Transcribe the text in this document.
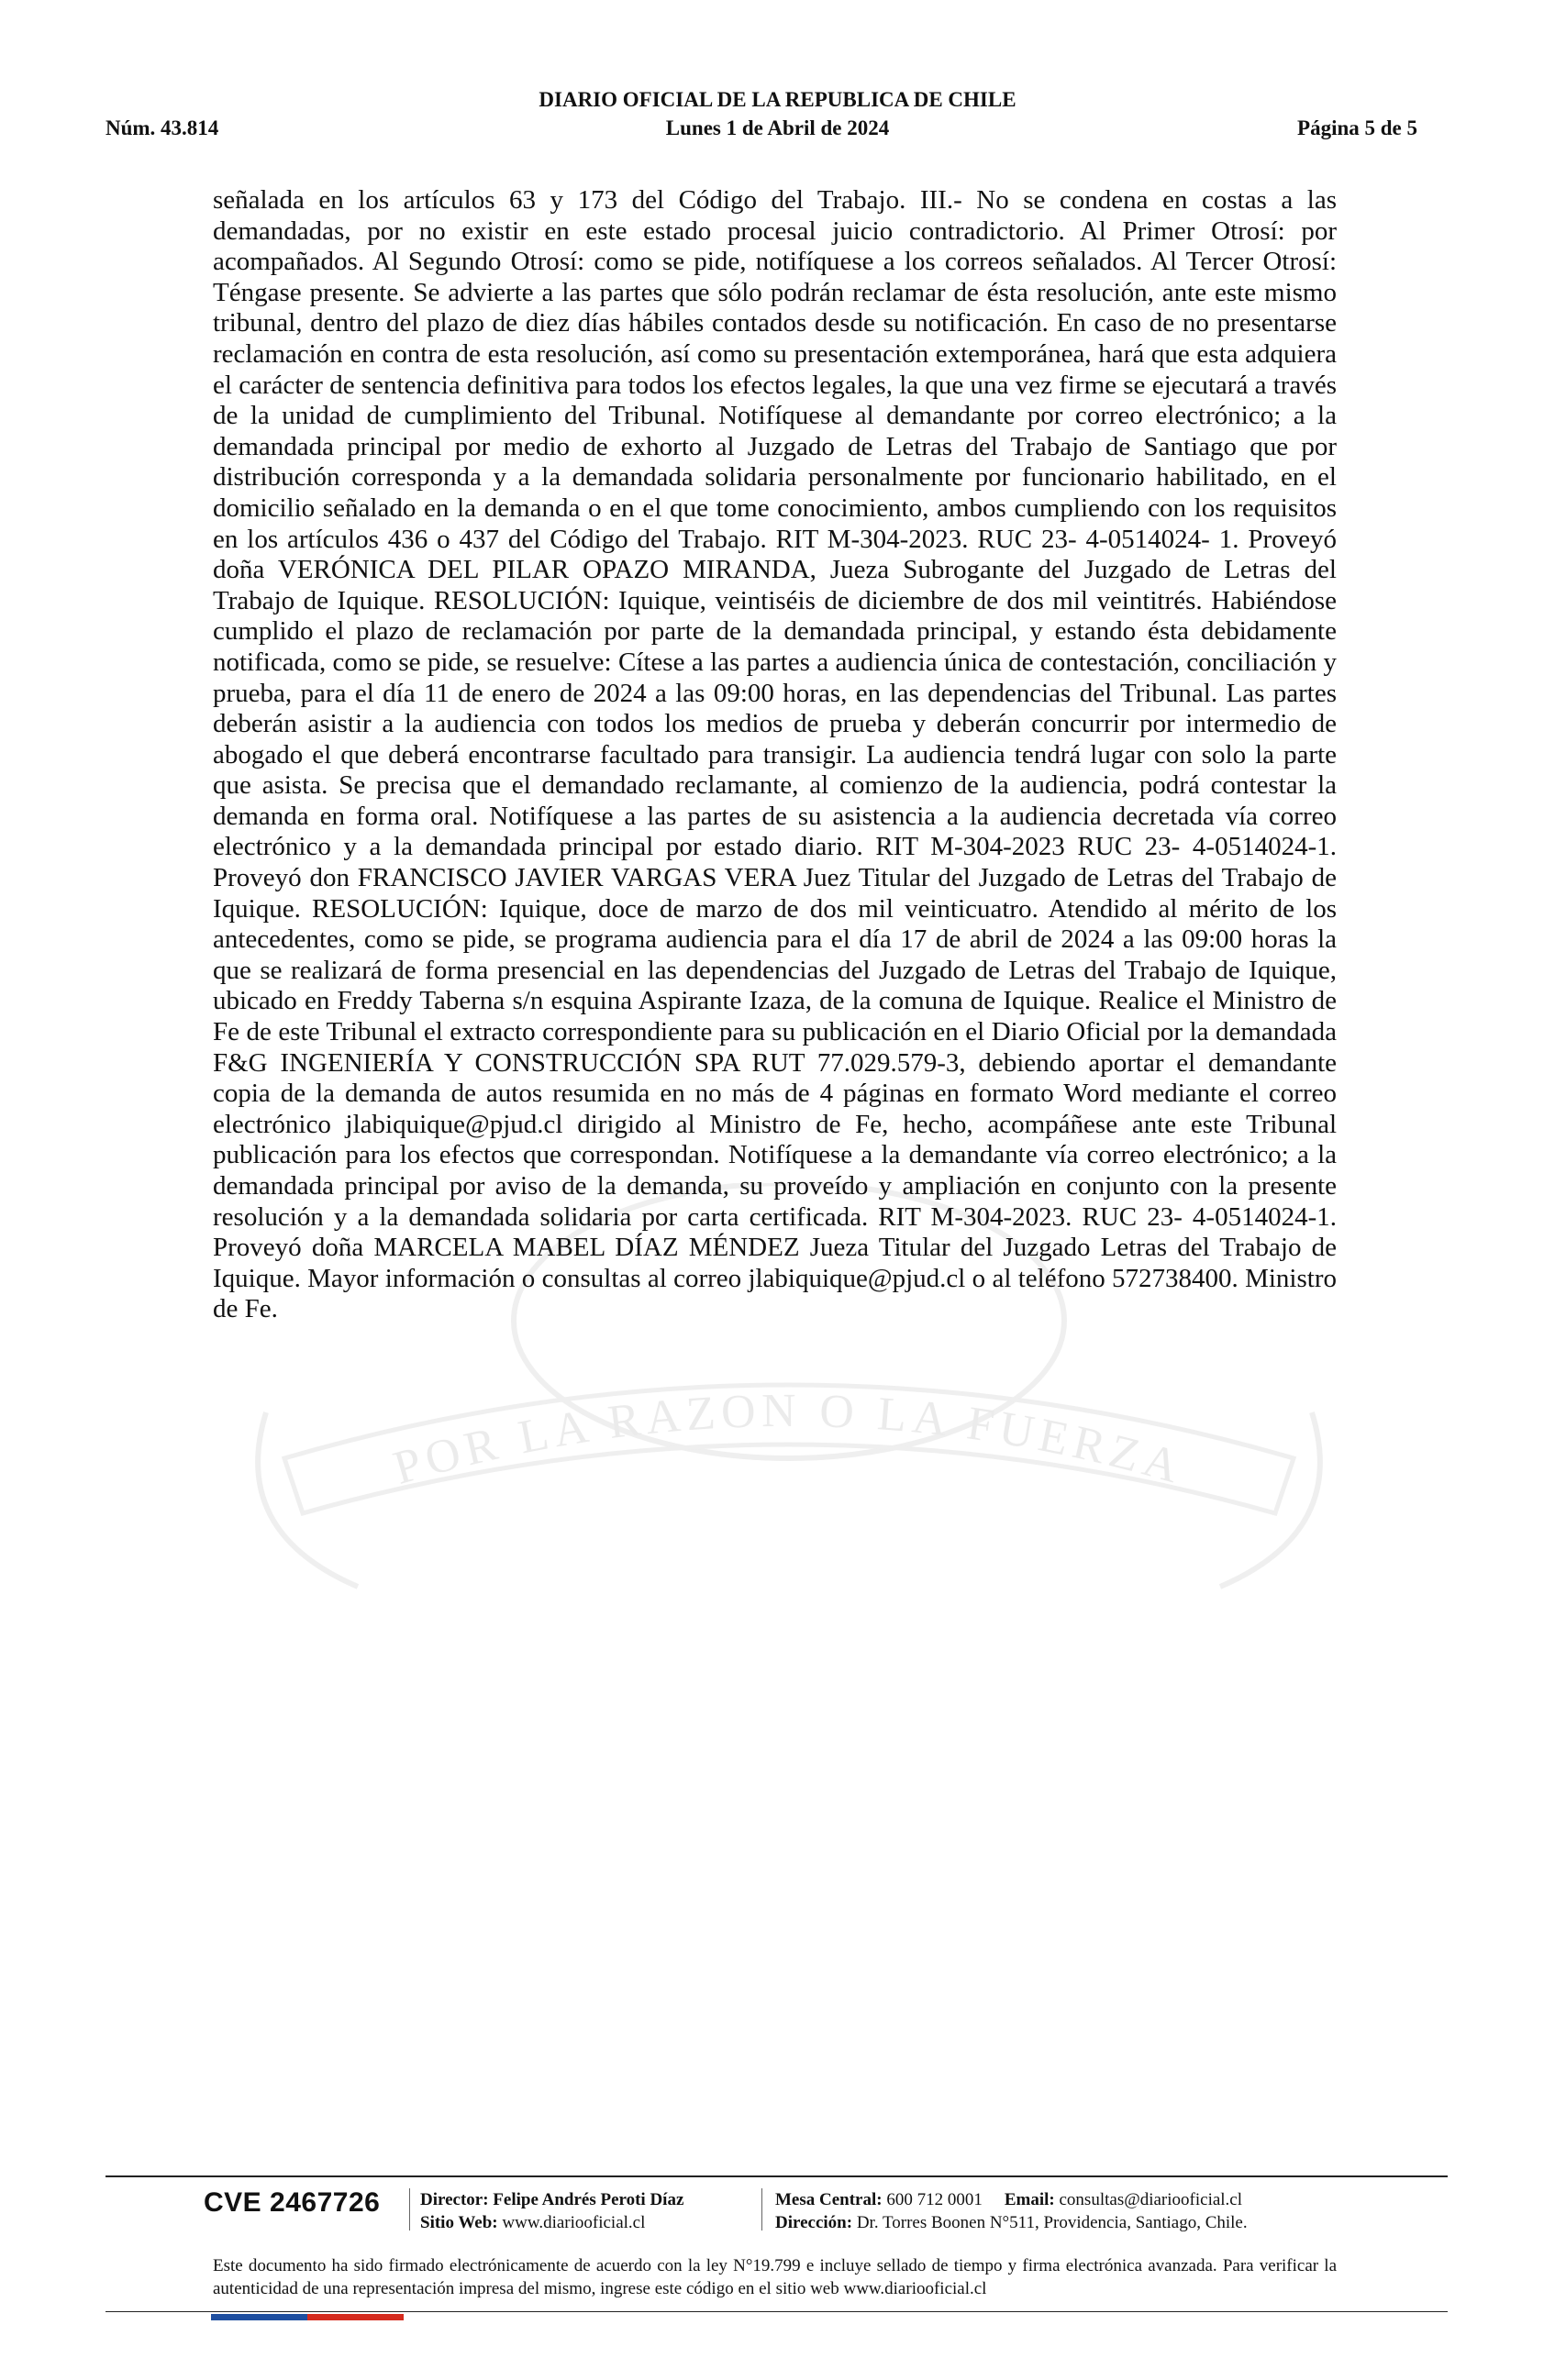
DIARIO OFICIAL DE LA REPUBLICA DE CHILE
Núm. 43.814	Lunes 1 de Abril de 2024	Página 5 de 5
POR LA RAZON O LA FUERZA
señalada en los artículos 63 y 173 del Código del Trabajo. III.- No se condena en costas a las demandadas, por no existir en este estado procesal juicio contradictorio. Al Primer Otrosí: por acompañados. Al Segundo Otrosí: como se pide, notifíquese a los correos señalados. Al Tercer Otrosí: Téngase presente. Se advierte a las partes que sólo podrán reclamar de ésta resolución, ante este mismo tribunal, dentro del plazo de diez días hábiles contados desde su notificación. En caso de no presentarse reclamación en contra de esta resolución, así como su presentación extemporánea, hará que esta adquiera el carácter de sentencia definitiva para todos los efectos legales, la que una vez firme se ejecutará a través de la unidad de cumplimiento del Tribunal. Notifíquese al demandante por correo electrónico; a la demandada principal por medio de exhorto al Juzgado de Letras del Trabajo de Santiago que por distribución corresponda y a la demandada solidaria personalmente por funcionario habilitado, en el domicilio señalado en la demanda o en el que tome conocimiento, ambos cumpliendo con los requisitos en los artículos 436 o 437 del Código del Trabajo. RIT M-304-2023. RUC 23- 4-0514024- 1. Proveyó doña VERÓNICA DEL PILAR OPAZO MIRANDA, Jueza Subrogante del Juzgado de Letras del Trabajo de Iquique. RESOLUCIÓN: Iquique, veintiséis de diciembre de dos mil veintitrés. Habiéndose cumplido el plazo de reclamación por parte de la demandada principal, y estando ésta debidamente notificada, como se pide, se resuelve: Cítese a las partes a audiencia única de contestación, conciliación y prueba, para el día 11 de enero de 2024 a las 09:00 horas, en las dependencias del Tribunal. Las partes deberán asistir a la audiencia con todos los medios de prueba y deberán concurrir por intermedio de abogado el que deberá encontrarse facultado para transigir. La audiencia tendrá lugar con solo la parte que asista. Se precisa que el demandado reclamante, al comienzo de la audiencia, podrá contestar la demanda en forma oral. Notifíquese a las partes de su asistencia a la audiencia decretada vía correo electrónico y a la demandada principal por estado diario. RIT M-304-2023 RUC 23- 4-0514024-1. Proveyó don FRANCISCO JAVIER VARGAS VERA Juez Titular del Juzgado de Letras del Trabajo de Iquique. RESOLUCIÓN: Iquique, doce de marzo de dos mil veinticuatro. Atendido al mérito de los antecedentes, como se pide, se programa audiencia para el día 17 de abril de 2024 a las 09:00 horas la que se realizará de forma presencial en las dependencias del Juzgado de Letras del Trabajo de Iquique, ubicado en Freddy Taberna s/n esquina Aspirante Izaza, de la comuna de Iquique. Realice el Ministro de Fe de este Tribunal el extracto correspondiente para su publicación en el Diario Oficial por la demandada F&G INGENIERÍA Y CONSTRUCCIÓN SPA RUT 77.029.579-3, debiendo aportar el demandante copia de la demanda de autos resumida en no más de 4 páginas en formato Word mediante el correo electrónico jlabiquique@pjud.cl dirigido al Ministro de Fe, hecho, acompáñese ante este Tribunal publicación para los efectos que correspondan. Notifíquese a la demandante vía correo electrónico; a la demandada principal por aviso de la demanda, su proveído y ampliación en conjunto con la presente resolución y a la demandada solidaria por carta certificada. RIT M-304-2023. RUC 23- 4-0514024-1. Proveyó doña MARCELA MABEL DÍAZ MÉNDEZ Jueza Titular del Juzgado Letras del Trabajo de Iquique. Mayor información o consultas al correo jlabiquique@pjud.cl o al teléfono 572738400. Ministro de Fe.
CVE 2467726 Director: Felipe Andrés Peroti Díaz
Sitio Web: www.diariooficial.cl
Mesa Central: 600 712 0001 Email: consultas@diariooficial.cl
Dirección: Dr. Torres Boonen N°511, Providencia, Santiago, Chile.
Este documento ha sido firmado electrónicamente de acuerdo con la ley N°19.799 e incluye sellado de tiempo y firma electrónica avanzada. Para verificar la autenticidad de una representación impresa del mismo, ingrese este código en el sitio web www.diariooficial.cl
